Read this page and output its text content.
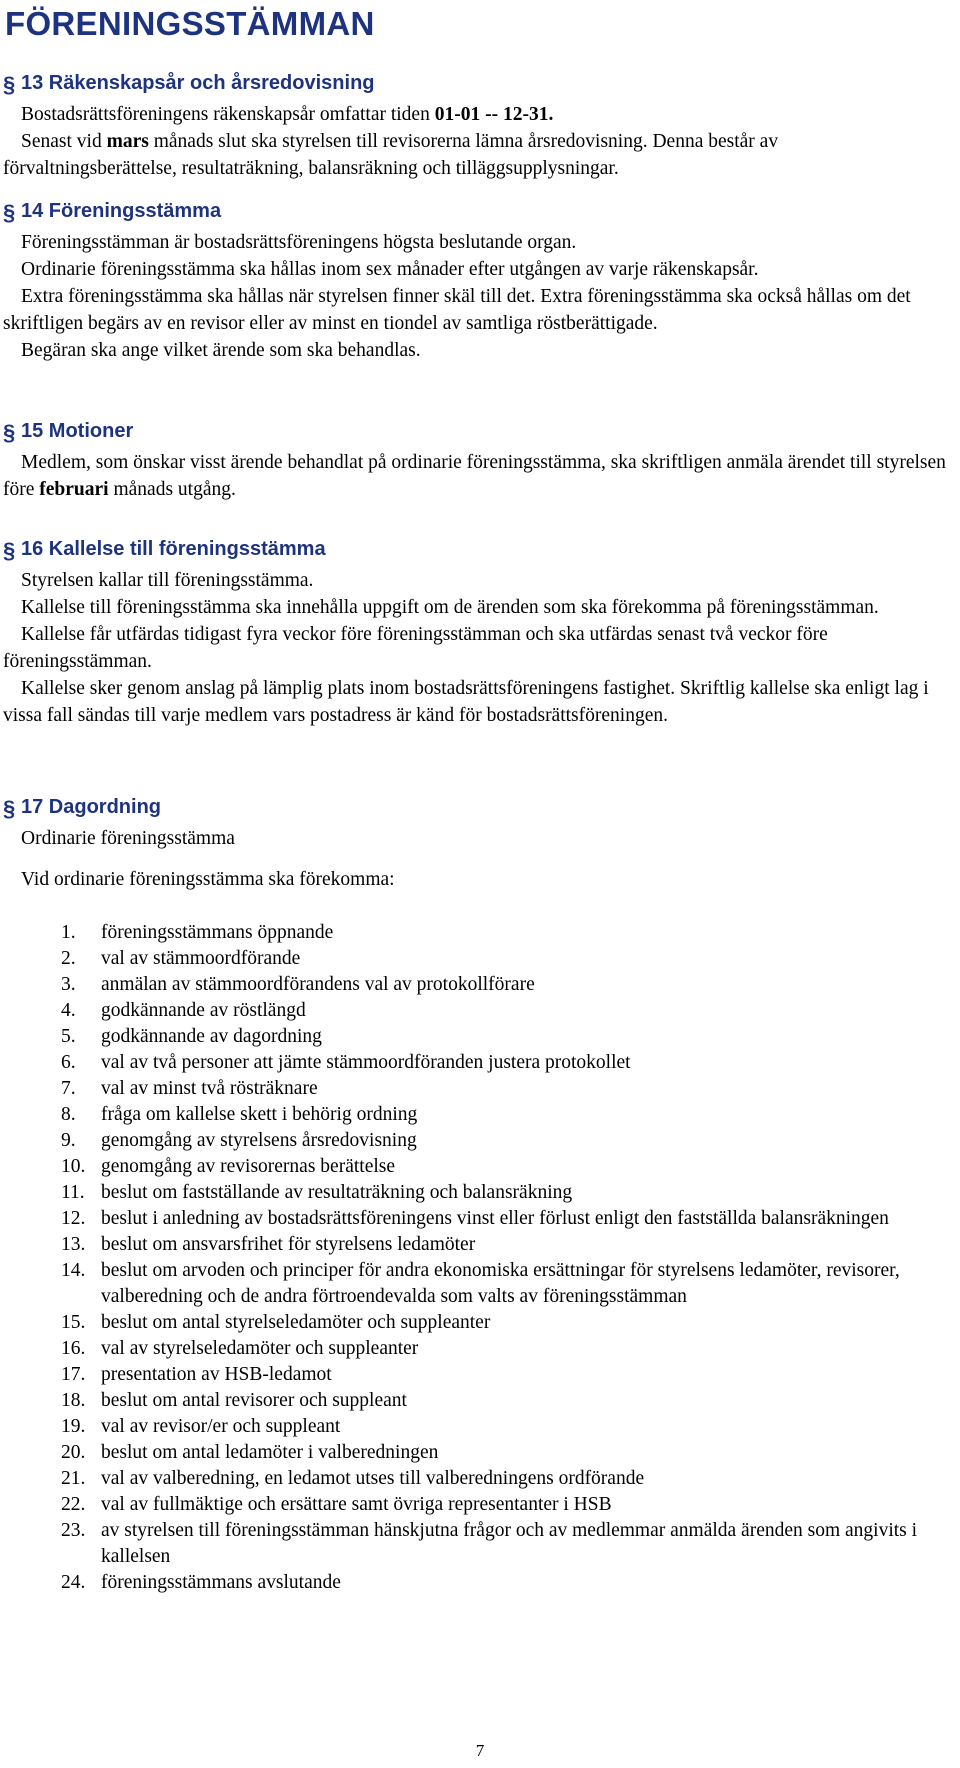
FÖRENINGSSTÄMMAN
§ 13 Räkenskapsår och årsredovisning

Bostadsrättsföreningens räkenskapsår omfattar tiden 01-01 -- 12-31.

Senast vid mars månads slut ska styrelsen till revisorerna lämna årsredovisning. Denna består av förvaltningsberättelse, resultaträkning, balansräkning och tilläggsupplysningar.

§ 14 Föreningsstämma

Föreningsstämman är bostadsrättsföreningens högsta beslutande organ.

Ordinarie föreningsstämma ska hållas inom sex månader efter utgången av varje räkenskapsår.

Extra föreningsstämma ska hållas när styrelsen finner skäl till det. Extra föreningsstämma ska också hållas om det skriftligen begärs av en revisor eller av minst en tiondel av samtliga röstberättigade.

Begäran ska ange vilket ärende som ska behandlas.

§ 15 Motioner

Medlem, som önskar visst ärende behandlat på ordinarie föreningsstämma, ska skriftligen anmäla ärendet till styrelsen före februari månads utgång.

§ 16 Kallelse till föreningsstämma

Styrelsen kallar till föreningsstämma.

Kallelse till föreningsstämma ska innehålla uppgift om de ärenden som ska förekomma på föreningsstämman.

Kallelse får utfärdas tidigast fyra veckor före föreningsstämman och ska utfärdas senast två veckor före föreningsstämman.

Kallelse sker genom anslag på lämplig plats inom bostadsrättsföreningens fastighet. Skriftlig kallelse ska enligt lag i vissa fall sändas till varje medlem vars postadress är känd för bostadsrättsföreningen.

§ 17 Dagordning

Ordinarie föreningsstämma

Vid ordinarie föreningsstämma ska förekomma:

1. föreningsstämmans öppnande
2. val av stämmoordförande
3. anmälan av stämmoordförandens val av protokollförare
4. godkännande av röstlängd
5. godkännande av dagordning
6. val av två personer att jämte stämmoordföranden justera protokollet
7. val av minst två rösträknare
8. fråga om kallelse skett i behörig ordning
9. genomgång av styrelsens årsredovisning
10. genomgång av revisorernas berättelse
11. beslut om fastställande av resultaträkning och balansräkning
12. beslut i anledning av bostadsrättsföreningens vinst eller förlust enligt den fastställda balansräkningen
13. beslut om ansvarsfrihet för styrelsens ledamöter
14. beslut om arvoden och principer för andra ekonomiska ersättningar för styrelsens ledamöter, revisorer, valberedning och de andra förtroendevalda som valts av föreningsstämman
15. beslut om antal styrelseledamöter och suppleanter
16. val av styrelseledamöter och suppleanter
17. presentation av HSB-ledamot
18. beslut om antal revisorer och suppleant
19. val av revisor/er och suppleant
20. beslut om antal ledamöter i valberedningen
21. val av valberedning, en ledamot utses till valberedningens ordförande
22. val av fullmäktige och ersättare samt övriga representanter i HSB
23. av styrelsen till föreningsstämman hänskjutna frågor och av medlemmar anmälda ärenden som angivits i kallelsen
24. föreningsstämmans avslutande
7
